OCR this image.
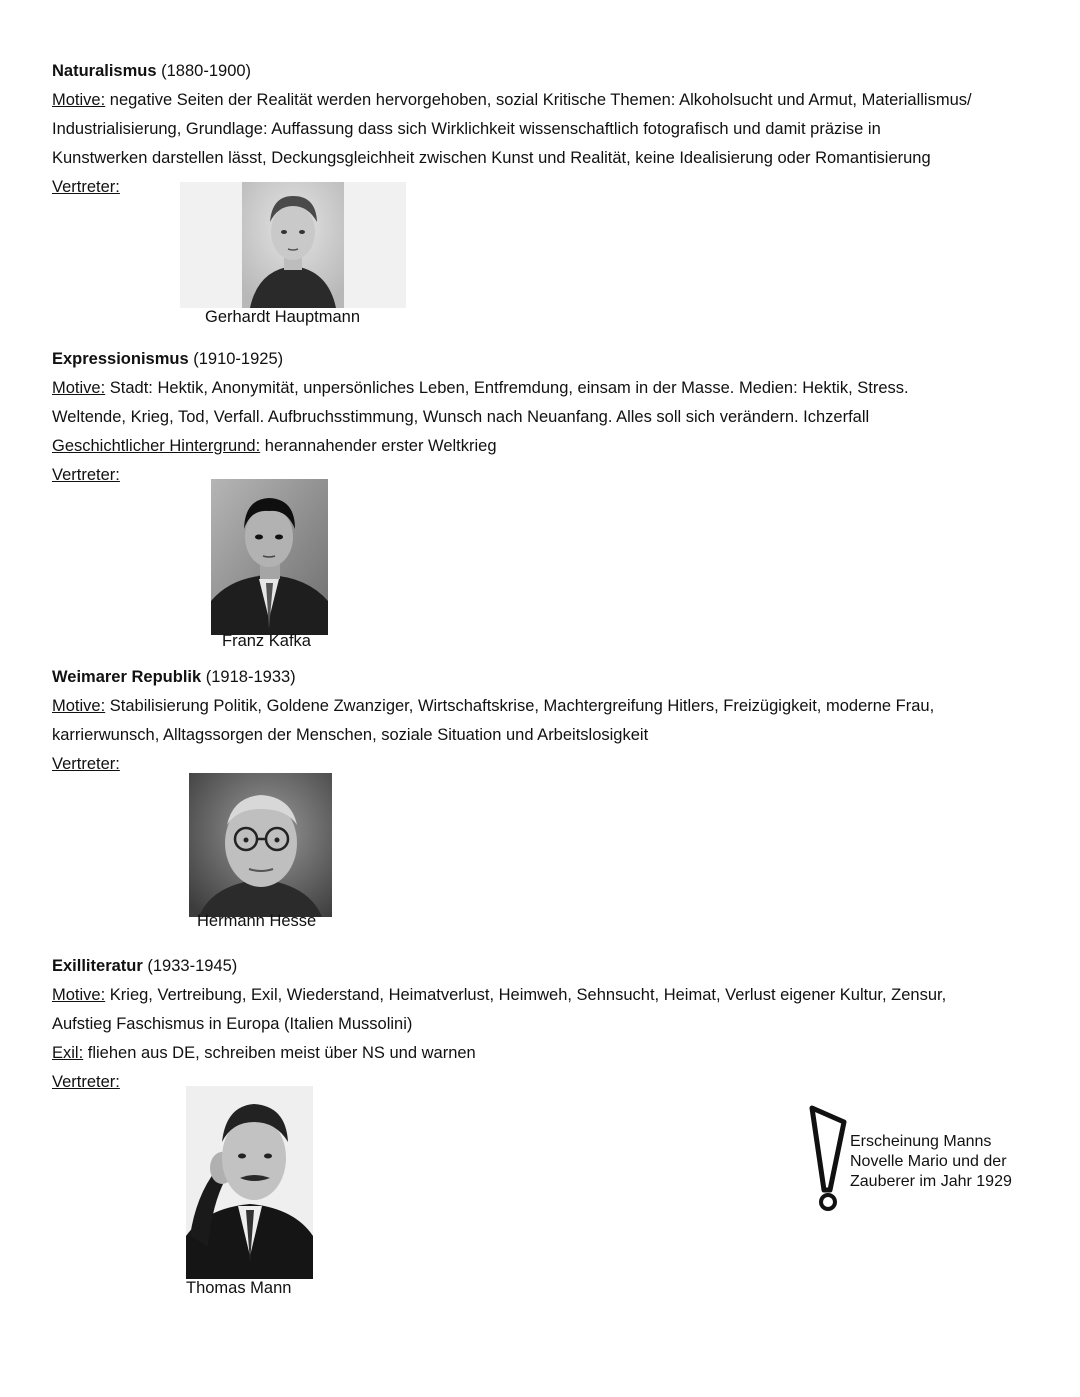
Naturalismus (1880-1900)
Motive: negative Seiten der Realität werden hervorgehoben, sozial Kritische Themen: Alkoholsucht und Armut, Materiallismus/
Industrialisierung, Grundlage: Auffassung dass sich Wirklichkeit wissenschaftlich fotografisch und damit präzise in
Kunstwerken darstellen lässt, Deckungsgleichheit zwischen Kunst und Realität, keine Idealisierung oder Romantisierung
Vertreter:
Gerhardt Hauptmann
Expressionismus (1910-1925)
Motive: Stadt: Hektik, Anonymität, unpersönliches Leben, Entfremdung, einsam in der Masse. Medien: Hektik, Stress.
Weltende, Krieg, Tod, Verfall. Aufbruchsstimmung, Wunsch nach Neuanfang. Alles soll sich verändern. Ichzerfall
Geschichtlicher Hintergrund: herannahender erster Weltkrieg
Vertreter:
Franz Kafka
Weimarer Republik (1918-1933)
Motive: Stabilisierung Politik, Goldene Zwanziger, Wirtschaftskrise, Machtergreifung Hitlers, Freizügigkeit, moderne Frau,
karrierwunsch, Alltagssorgen der Menschen, soziale Situation und Arbeitslosigkeit
Vertreter:
Hermann Hesse
Exilliteratur (1933-1945)
Motive: Krieg, Vertreibung, Exil, Wiederstand, Heimatverlust, Heimweh, Sehnsucht, Heimat, Verlust eigener Kultur, Zensur,
Aufstieg Faschismus in Europa (Italien Mussolini)
Exil: fliehen aus DE, schreiben meist über NS und warnen
Vertreter:
Thomas Mann
Erscheinung Manns
Novelle Mario und der
Zauberer im Jahr 1929
